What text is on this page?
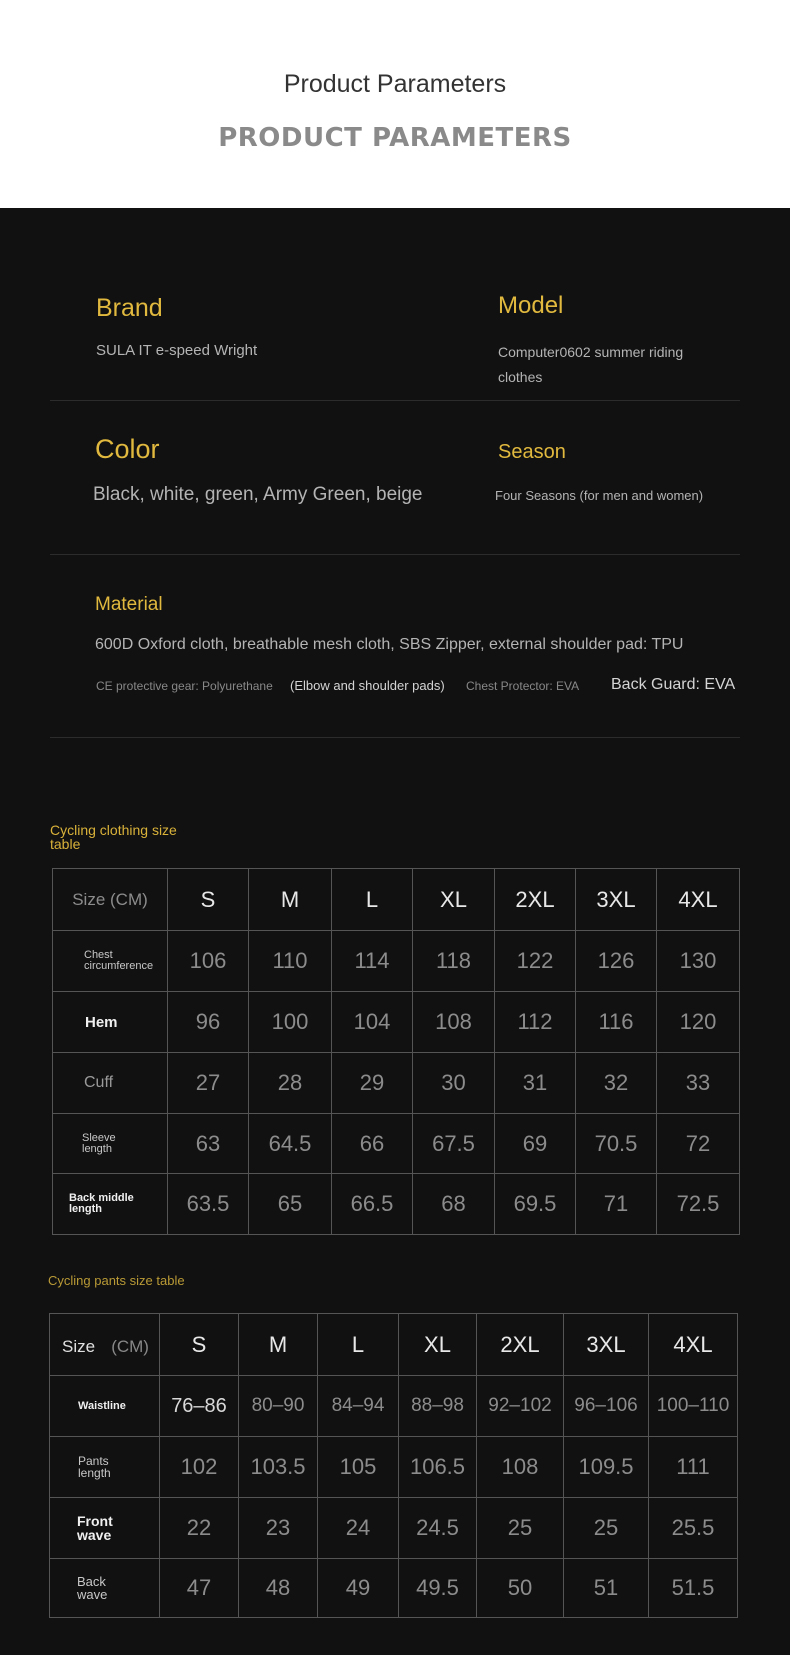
Product Parameters
PRODUCT PARAMETERS
Brand
SULA IT e-speed Wright
Model
Computer0602 summer riding clothes
Color
Black, white, green, Army Green, beige
Season
Four Seasons (for men and women)
Material
600D Oxford cloth, breathable mesh cloth, SBS Zipper, external shoulder pad: TPU
CE protective gear: Polyurethane (Elbow and shoulder pads) Chest Protector: EVA Back Guard: EVA
Cycling clothing size table
Size (CM)	S	M	L	XL	2XL	3XL	4XL
Chest circumference	106	110	114	118	122	126	130
Hem	96	100	104	108	112	116	120
Cuff	27	28	29	30	31	32	33
Sleeve length	63	64.5	66	67.5	69	70.5	72
Back middle length	63.5	65	66.5	68	69.5	71	72.5
Cycling pants size table
Size (CM)	S	M	L	XL	2XL	3XL	4XL
Waistline	76–86	80–90	84–94	88–98	92–102	96–106	100–110
Pants length	102	103.5	105	106.5	108	109.5	111
Front wave	22	23	24	24.5	25	25	25.5
Back wave	47	48	49	49.5	50	51	51.5
